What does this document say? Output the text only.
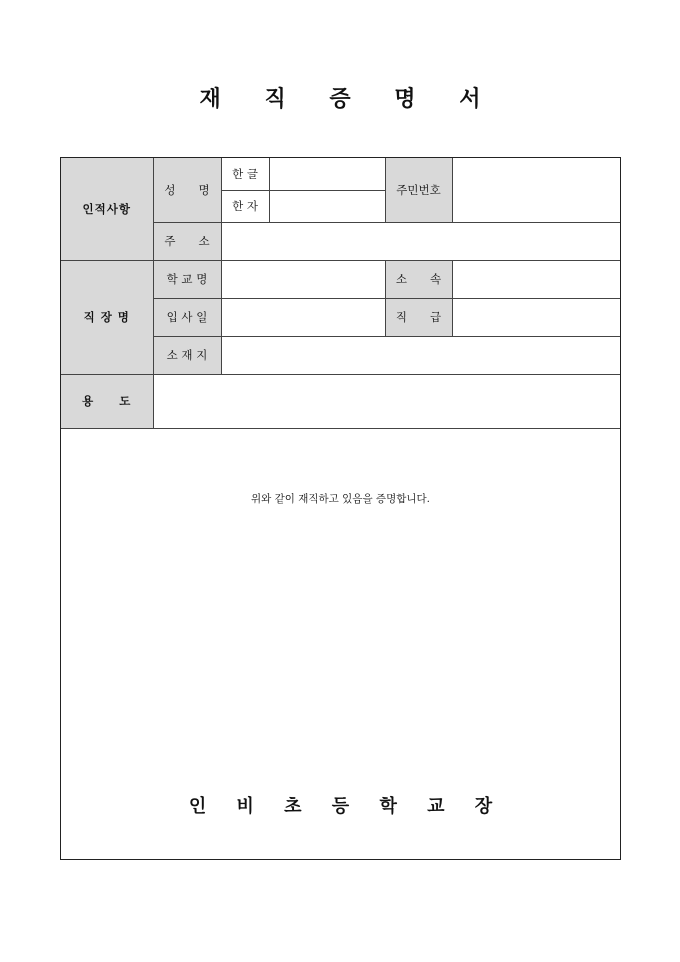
재 직 증 명 서
인적사항	성　　명	한 글		주민번호	
		한 자			
	주　　소				
직 장 명	학 교 명			소　　속	
	입 사 일			직　　급	
	소 재 지				
용　　도					
위와 같이 재직하고 있음을 증명합니다.
인 비 초 등 학 교 장
